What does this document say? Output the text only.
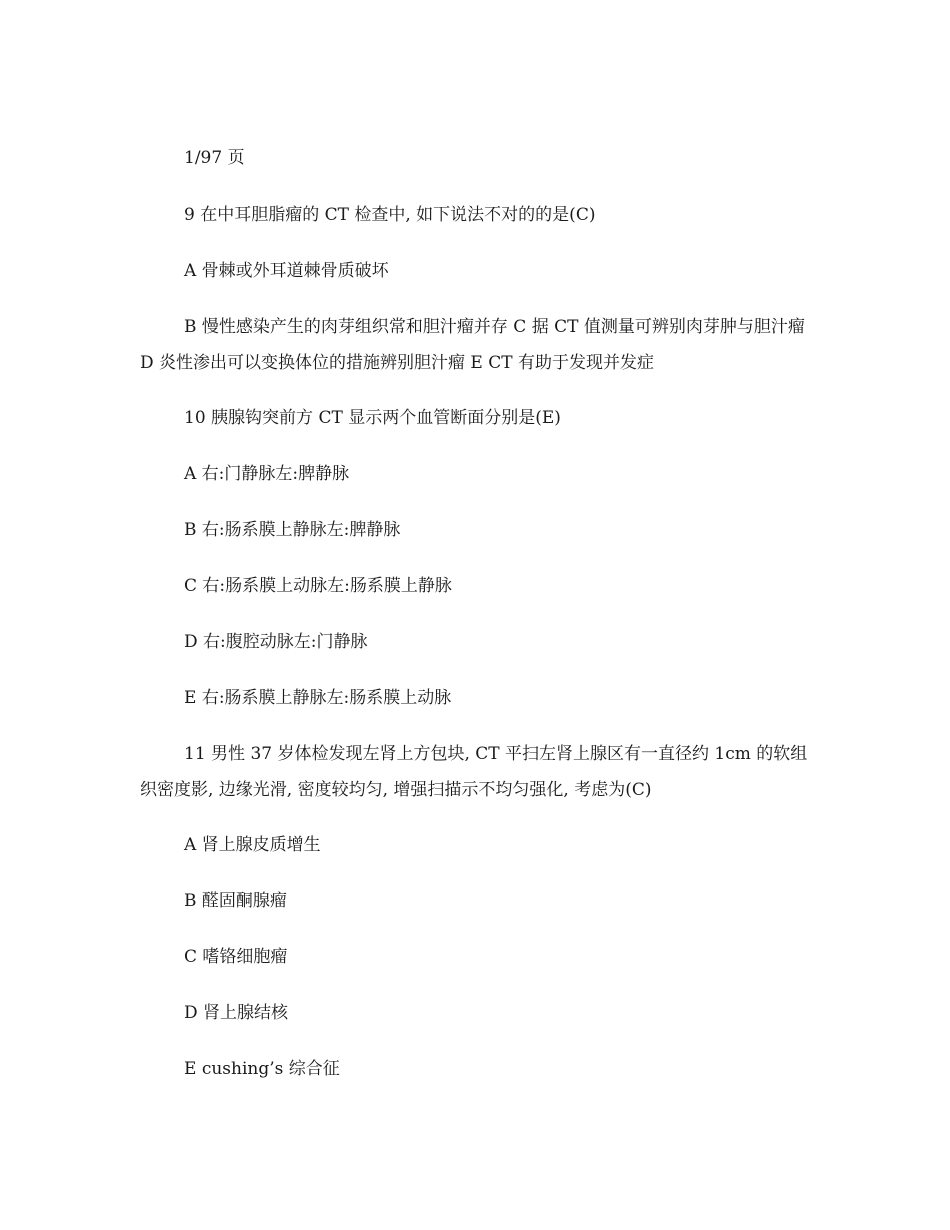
1/97 页
9 在中耳胆脂瘤的 CT 检查中, 如下说法不对的的是(C)
A 骨棘或外耳道棘骨质破坏
B 慢性感染产生的肉芽组织常和胆汁瘤并存 C 据 CT 值测量可辨别肉芽肿与胆汁瘤 D 炎性渗出可以变换体位的措施辨别胆汁瘤 E CT 有助于发现并发症
10 胰腺钩突前方 CT 显示两个血管断面分别是(E)
A 右:门静脉左:脾静脉
B 右:肠系膜上静脉左:脾静脉
C 右:肠系膜上动脉左:肠系膜上静脉
D 右:腹腔动脉左:门静脉
E 右:肠系膜上静脉左:肠系膜上动脉
11 男性 37 岁体检发现左肾上方包块, CT 平扫左肾上腺区有一直径约 1cm 的软组织密度影, 边缘光滑, 密度较均匀, 增强扫描示不均匀强化, 考虑为(C)
A 肾上腺皮质增生
B 醛固酮腺瘤
C 嗜铬细胞瘤
D 肾上腺结核
E cushing’s 综合征
